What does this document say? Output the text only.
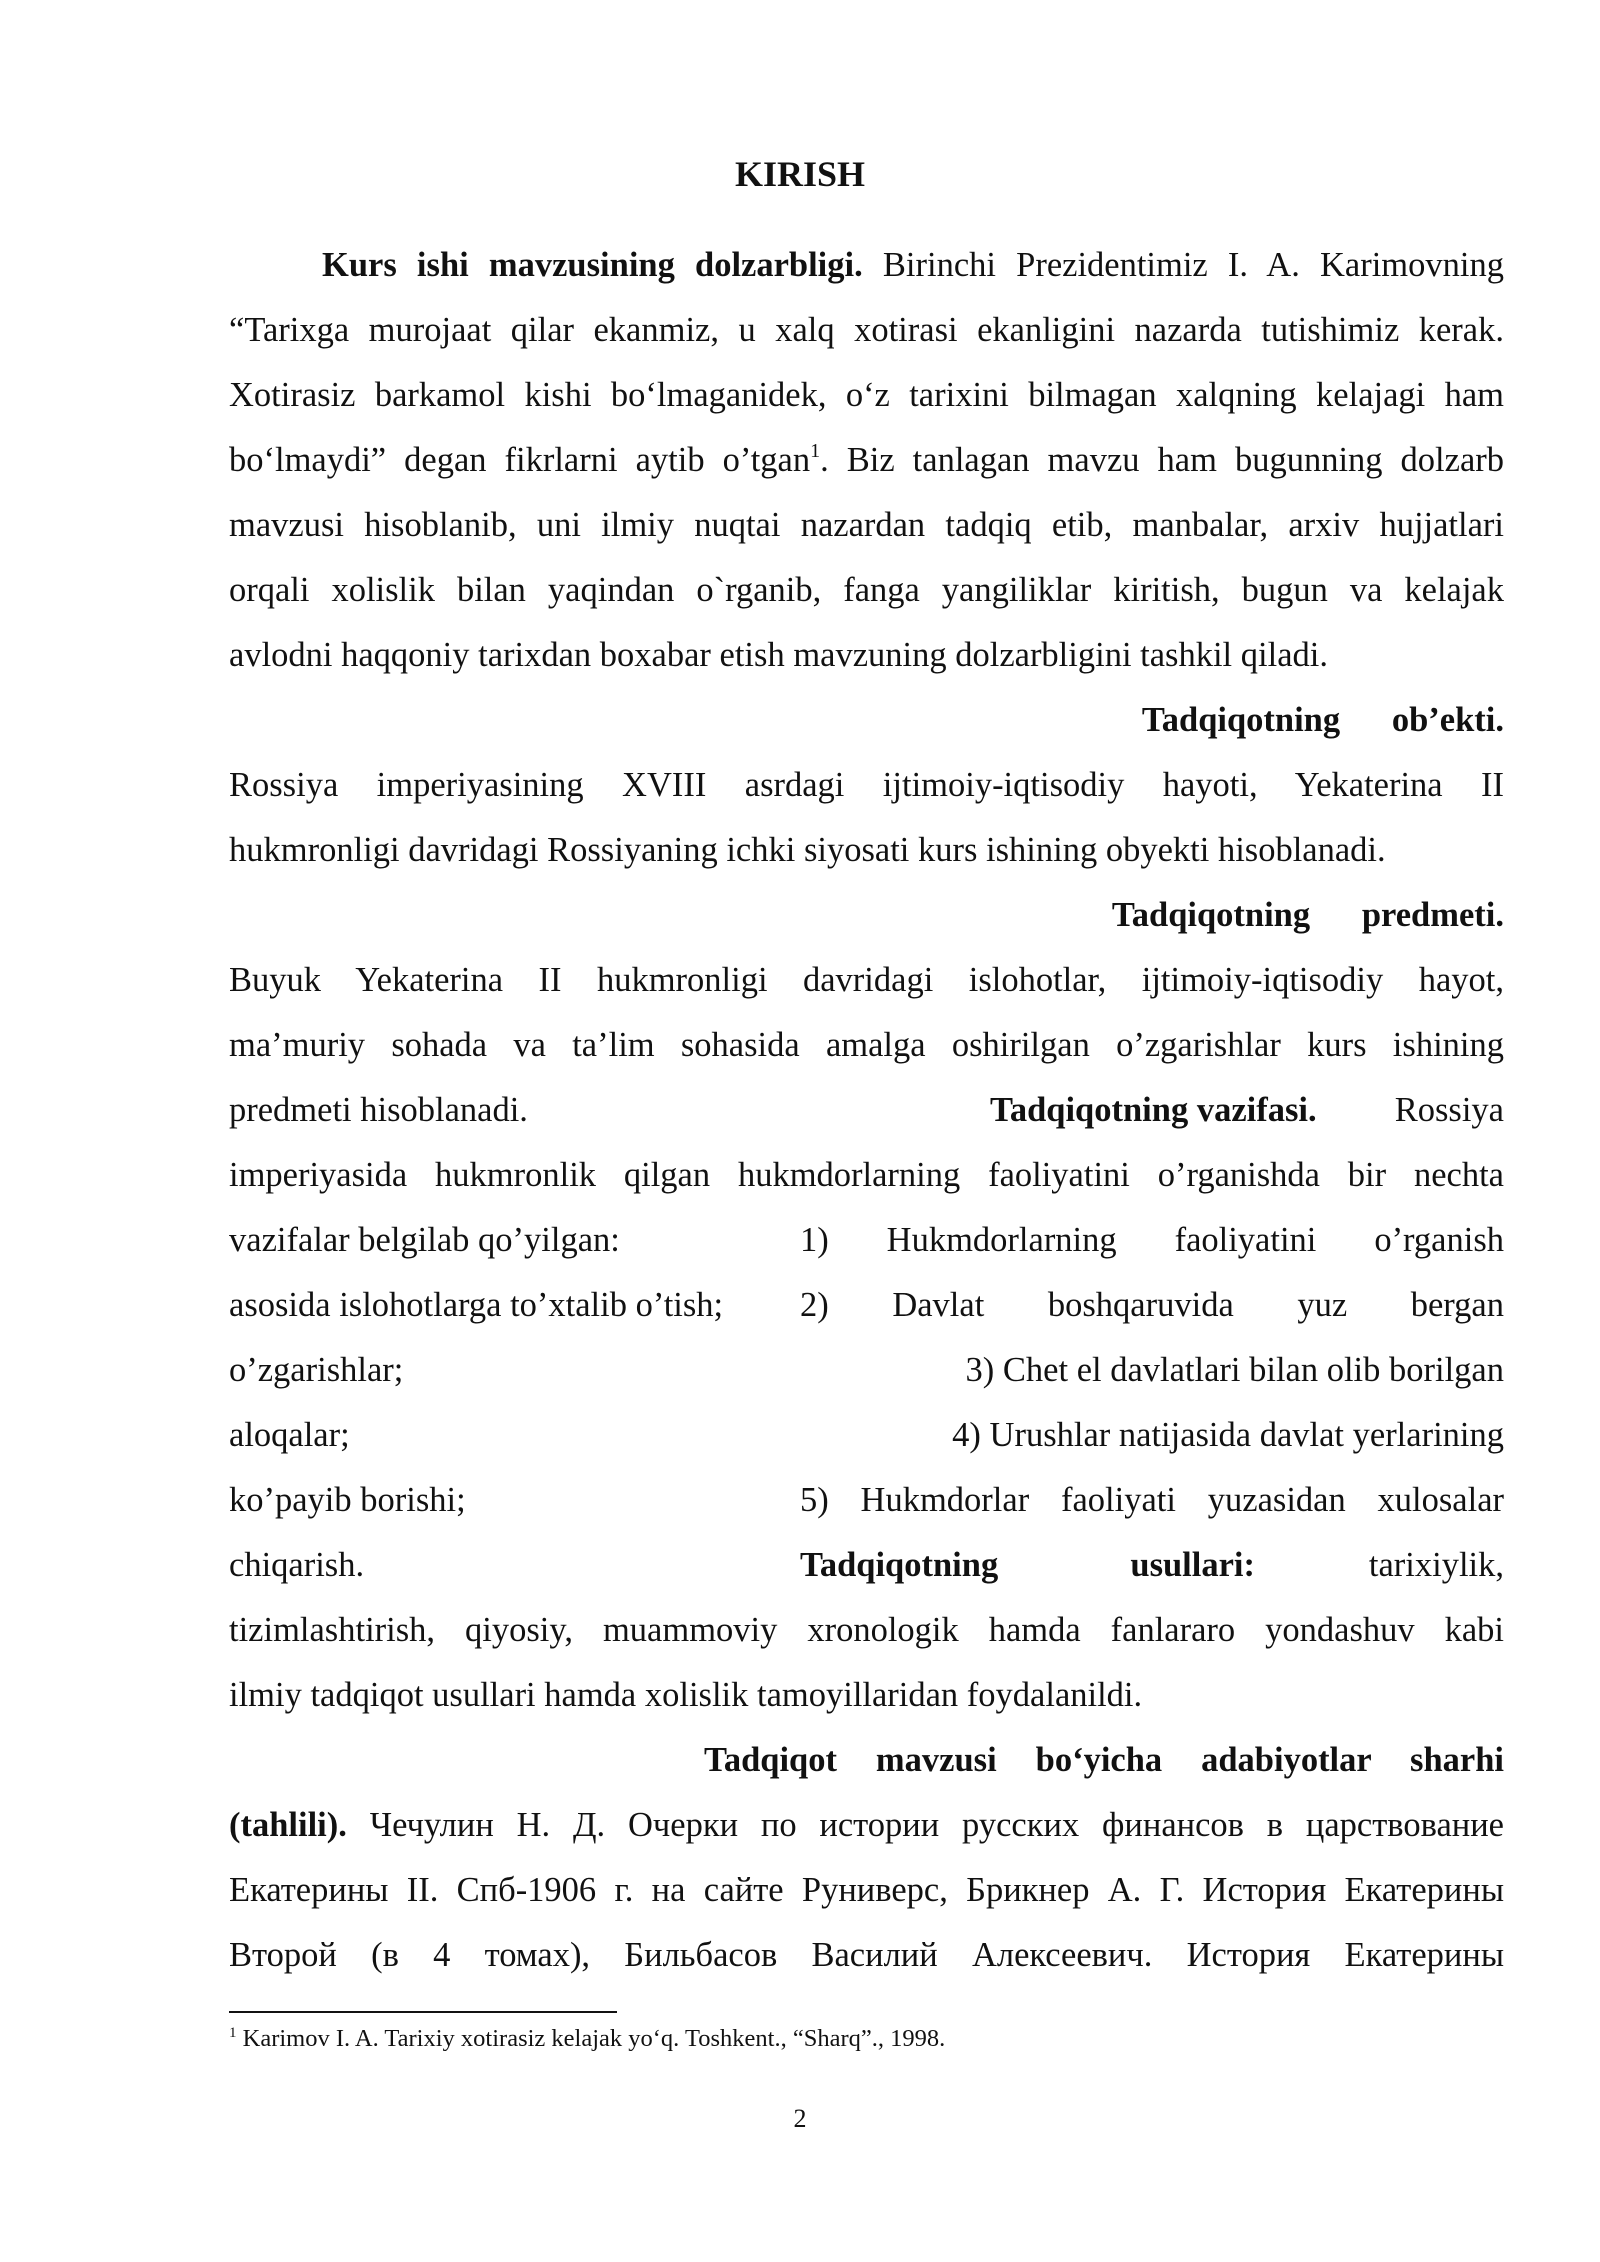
KIRISH
Kurs ishi mavzusining dolzarbligi. Birinchi Prezidentimiz I. A. Karimovning
“Tarixga murojaat qilar ekanmiz, u xalq xotirasi ekanligini nazarda tutishimiz kerak.
Xotirasiz barkamol kishi bo‘lmaganidek, o‘z tarixini bilmagan xalqning kelajagi ham
bo‘lmaydi” degan fikrlarni aytib o’tgan$^1$. Biz tanlagan mavzu ham bugunning dolzarb
mavzusi hisoblanib, uni ilmiy nuqtai nazardan tadqiq etib, manbalar, arxiv hujjatlari
orqali xolislik bilan yaqindan o`rganib, fanga yangiliklar kiritish, bugun va kelajak
avlodni haqqoniy tarixdan boxabar etish mavzuning dolzarbligini tashkil qiladi.
Tadqiqotning      ob’ekti.
Rossiya imperiyasining XVIII asrdagi ijtimoiy-iqtisodiy hayoti, Yekaterina II
hukmronligi davridagi Rossiyaning ichki siyosati kurs ishining obyekti hisoblanadi.
Tadqiqotning      predmeti.
Buyuk Yekaterina II hukmronligi davridagi islohotlar, ijtimoiy-iqtisodiy hayot,
ma’muriy sohada va ta’lim sohasida amalga oshirilgan o’zgarishlar kurs ishining
predmeti hisoblanadi.	Tadqiqotning vazifasi. Rossiya
imperiyasida hukmronlik qilgan hukmdorlarning faoliyatini o’rganishda bir nechta
vazifalar belgilab qo’yilgan:	1) Hukmdorlarning faoliyatini o’rganish
asosida islohotlarga to’xtalib o’tish; 2) Davlat boshqaruvida yuz bergan
o’zgarishlar;	3) Chet el davlatlari bilan olib borilgan
aloqalar;	4) Urushlar natijasida davlat yerlarining
ko’payib borishi;	5) Hukmdorlar faoliyati yuzasidan xulosalar
chiqarish.	Tadqiqotning usullari:	tarixiylik,
tizimlashtirish, qiyosiy, muammoviy xronologik hamda fanlararo yondashuv kabi
ilmiy tadqiqot usullari hamda xolislik tamoyillaridan foydalanildi.
Tadqiqot mavzusi bo‘yicha adabiyotlar sharhi
(tahlili). Чечулин Н. Д. Очерки по истории русских финансов в царствование
Екатерины II. Спб-1906 г. на сайте Руниверс, Брикнер А. Г. История Екатерины
Второй (в 4 томах), Бильбасов Василий Алексеевич. История Екатерины
$^1$ Karimov I. A. Tarixiy xotirasiz kelajak yo‘q. Toshkent., “Sharq”., 1998.
2
